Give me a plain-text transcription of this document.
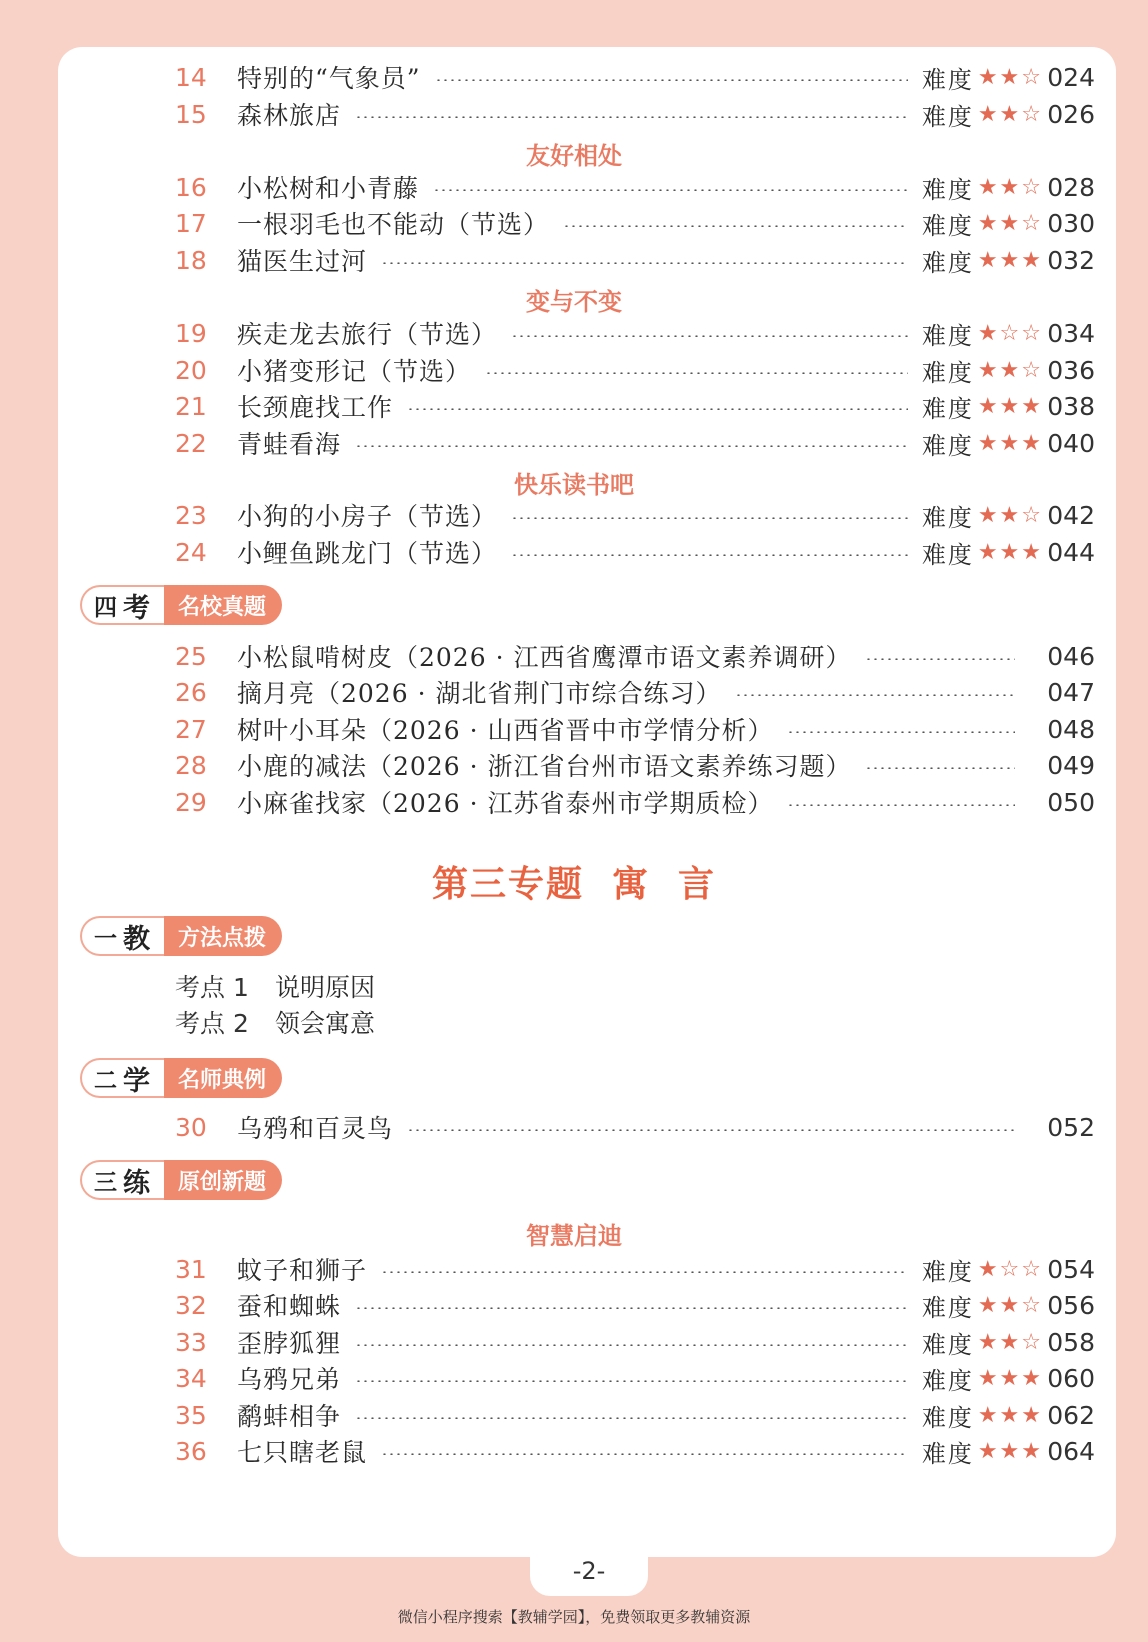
14	特别的“气象员”	难度 ★★☆ 024
15	森林旅店	难度 ★★☆ 026
友好相处
16	小松树和小青藤	难度 ★★☆ 028
17	一根羽毛也不能动（节选）	难度 ★★☆ 030
18	猫医生过河	难度 ★★★ 032
变与不变
19	疾走龙去旅行（节选）	难度 ★☆☆ 034
20	小猪变形记（节选）	难度 ★★☆ 036
21	长颈鹿找工作	难度 ★★★ 038
22	青蛙看海	难度 ★★★ 040
快乐读书吧
23	小狗的小房子（节选）	难度 ★★☆ 042
24	小鲤鱼跳龙门（节选）	难度 ★★★ 044
四 考	名校真题
25	小松鼠啃树皮（2026 · 江西省鹰潭市语文素养调研）	046
26	摘月亮（2026 · 湖北省荆门市综合练习）	047
27	树叶小耳朵（2026 · 山西省晋中市学情分析）	048
28	小鹿的减法（2026 · 浙江省台州市语文素养练习题）	049
29	小麻雀找家（2026 · 江苏省泰州市学期质检）	050
第三专题 寓 言
一 教	方法点拨
考点 1	说明原因
考点 2	领会寓意
二 学	名师典例
30	乌鸦和百灵鸟	052
三 练	原创新题
智慧启迪
31	蚊子和狮子	难度 ★☆☆ 054
32	蚕和蜘蛛	难度 ★★☆ 056
33	歪脖狐狸	难度 ★★☆ 058
34	乌鸦兄弟	难度 ★★★ 060
35	鹬蚌相争	难度 ★★★ 062
36	七只瞎老鼠	难度 ★★★ 064
-2-
微信小程序搜索【教辅学园】，免费领取更多教辅资源
